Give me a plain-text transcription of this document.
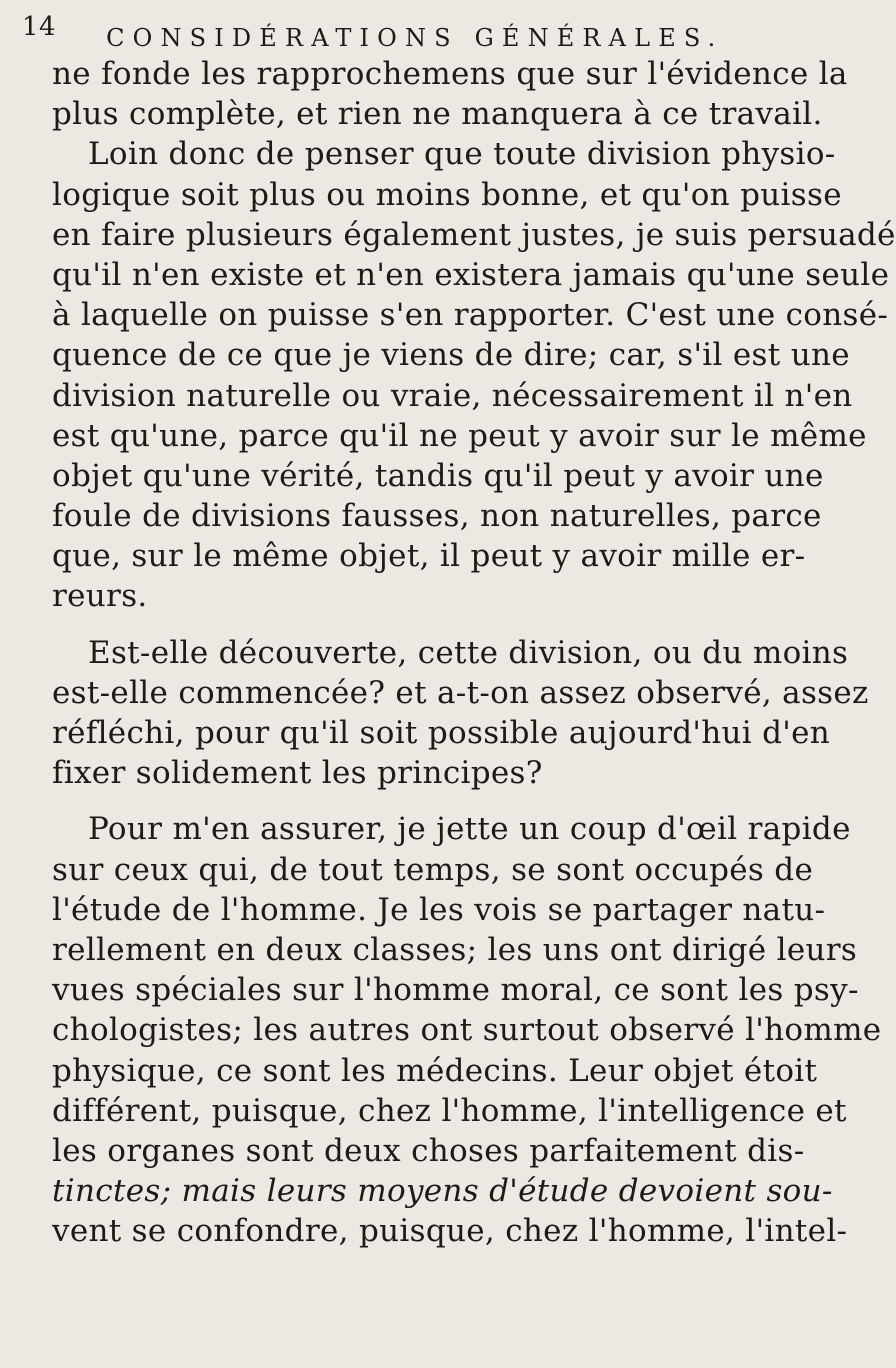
14 CONSIDÉRATIONS GÉNÉRALES.
ne fonde les rapprochemens que sur l'évidence la
plus complète, et rien ne manquera à ce travail.
Loin donc de penser que toute division physio-
logique soit plus ou moins bonne, et qu'on puisse
en faire plusieurs également justes, je suis persuadé
qu'il n'en existe et n'en existera jamais qu'une seule
à laquelle on puisse s'en rapporter. C'est une consé-
quence de ce que je viens de dire; car, s'il est une
division naturelle ou vraie, nécessairement il n'en
est qu'une, parce qu'il ne peut y avoir sur le même
objet qu'une vérité, tandis qu'il peut y avoir une
foule de divisions fausses, non naturelles, parce
que, sur le même objet, il peut y avoir mille er-
reurs.
Est-elle découverte, cette division, ou du moins
est-elle commencée? et a-t-on assez observé, assez
réfléchi, pour qu'il soit possible aujourd'hui d'en
fixer solidement les principes?
Pour m'en assurer, je jette un coup d'œil rapide
sur ceux qui, de tout temps, se sont occupés de
l'étude de l'homme. Je les vois se partager natu-
rellement en deux classes; les uns ont dirigé leurs
vues spéciales sur l'homme moral, ce sont les psy-
chologistes; les autres ont surtout observé l'homme
physique, ce sont les médecins. Leur objet étoit
différent, puisque, chez l'homme, l'intelligence et
les organes sont deux choses parfaitement dis-
tinctes; mais leurs moyens d'étude devoient sou-
vent se confondre, puisque, chez l'homme, l'intel-
